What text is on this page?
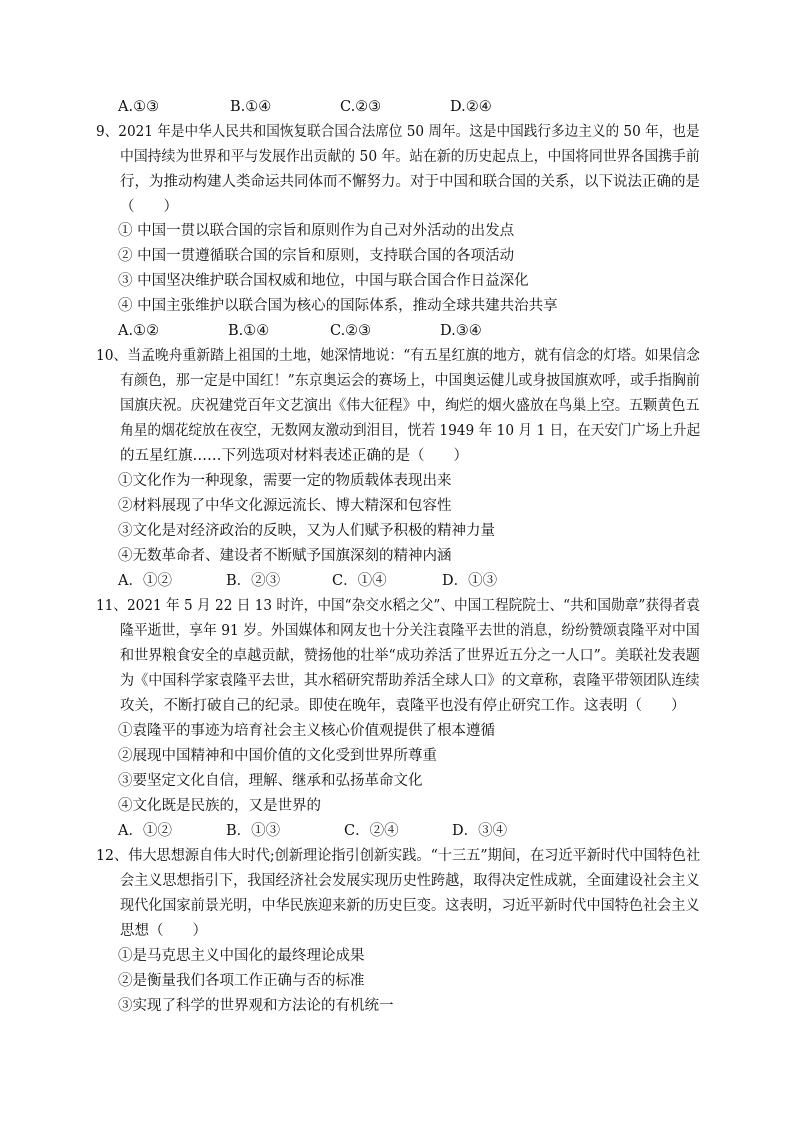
A.①③	B.①④	C.②③	D.②④
9、2021 年是中华人民共和国恢复联合国合法席位 50 周年。这是中国践行多边主义的 50 年，也是
中国持续为世界和平与发展作出贡献的 50 年。站在新的历史起点上，中国将同世界各国携手前
行，为推动构建人类命运共同体而不懈努力。对于中国和联合国的关系，以下说法正确的是
（　　）
① 中国一贯以联合国的宗旨和原则作为自己对外活动的出发点
② 中国一贯遵循联合国的宗旨和原则，支持联合国的各项活动
③ 中国坚决维护联合国权威和地位，中国与联合国合作日益深化
④ 中国主张维护以联合国为核心的国际体系，推动全球共建共治共享
A.①②	B.①④	C.②③	D.③④
10、当孟晚舟重新踏上祖国的土地，她深情地说：“有五星红旗的地方，就有信念的灯塔。如果信念
有颜色，那一定是中国红！”东京奥运会的赛场上，中国奥运健儿或身披国旗欢呼，或手指胸前
国旗庆祝。庆祝建党百年文艺演出《伟大征程》中，绚烂的烟火盛放在鸟巢上空。五颗黄色五
角星的烟花绽放在夜空，无数网友激动到泪目，恍若 1949 年 10 月 1 日，在天安门广场上升起
的五星红旗……下列选项对材料表述正确的是（　　）
①文化作为一种现象，需要一定的物质载体表现出来
②材料展现了中华文化源远流长、博大精深和包容性
③文化是对经济政治的反映，又为人们赋予积极的精神力量
④无数革命者、建设者不断赋予国旗深刻的精神内涵
A．①②	B．②③	C．①④	D．①③
11、2021 年 5 月 22 日 13 时许，中国“杂交水稻之父”、中国工程院院士、“共和国勋章”获得者袁
隆平逝世，享年 91 岁。外国媒体和网友也十分关注袁隆平去世的消息，纷纷赞颂袁隆平对中国
和世界粮食安全的卓越贡献，赞扬他的壮举“成功养活了世界近五分之一人口”。美联社发表题
为《中国科学家袁隆平去世，其水稻研究帮助养活全球人口》的文章称，袁隆平带领团队连续
攻关，不断打破自己的纪录。即使在晚年，袁隆平也没有停止研究工作。这表明（　　）
①袁隆平的事迹为培育社会主义核心价值观提供了根本遵循
②展现中国精神和中国价值的文化受到世界所尊重
③要坚定文化自信，理解、继承和弘扬革命文化
④文化既是民族的，又是世界的
A．①②	B．①③	C．②④	D．③④
12、伟大思想源自伟大时代;创新理论指引创新实践。“十三五”期间，在习近平新时代中国特色社
会主义思想指引下，我国经济社会发展实现历史性跨越，取得决定性成就，全面建设社会主义
现代化国家前景光明，中华民族迎来新的历史巨变。这表明，习近平新时代中国特色社会主义
思想（　　）
①是马克思主义中国化的最终理论成果
②是衡量我们各项工作正确与否的标准
③实现了科学的世界观和方法论的有机统一
